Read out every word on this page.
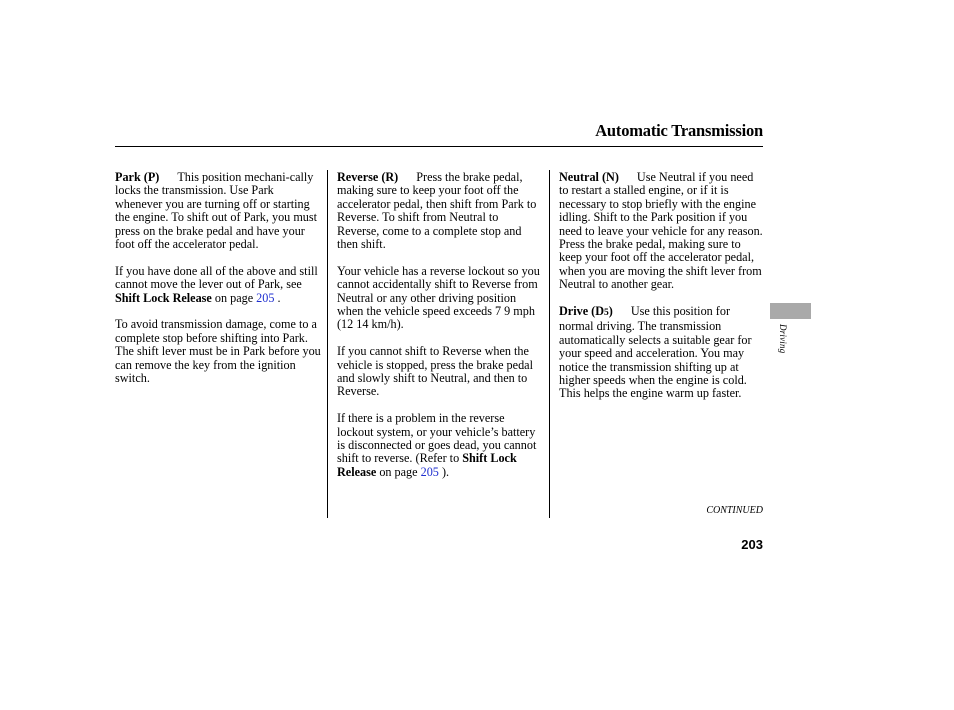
Automatic Transmission

Park (P) This position mechani-cally locks the transmission. Use Park whenever you are turning off or starting the engine. To shift out of Park, you must press on the brake pedal and have your foot off the accelerator pedal.

If you have done all of the above and still cannot move the lever out of Park, see Shift Lock Release on page 205 .

To avoid transmission damage, come to a complete stop before shifting into Park. The shift lever must be in Park before you can remove the key from the ignition switch.

Reverse (R) Press the brake pedal, making sure to keep your foot off the accelerator pedal, then shift from Park to Reverse. To shift from Neutral to Reverse, come to a complete stop and then shift.

Your vehicle has a reverse lockout so you cannot accidentally shift to Reverse from Neutral or any other driving position when the vehicle speed exceeds 7 9 mph (12 14 km/h).

If you cannot shift to Reverse when the vehicle is stopped, press the brake pedal and slowly shift to Neutral, and then to Reverse.

If there is a problem in the reverse lockout system, or your vehicle’s battery is disconnected or goes dead, you cannot shift to reverse. (Refer to Shift Lock Release on page 205 ).

Neutral (N) Use Neutral if you need to restart a stalled engine, or if it is necessary to stop briefly with the engine idling. Shift to the Park position if you need to leave your vehicle for any reason. Press the brake pedal, making sure to keep your foot off the accelerator pedal, when you are moving the shift lever from Neutral to another gear.

Drive (D5) Use this position for normal driving. The transmission automatically selects a suitable gear for your speed and acceleration. You may notice the transmission shifting up at higher speeds when the engine is cold. This helps the engine warm up faster.

CONTINUED
203
Driving
